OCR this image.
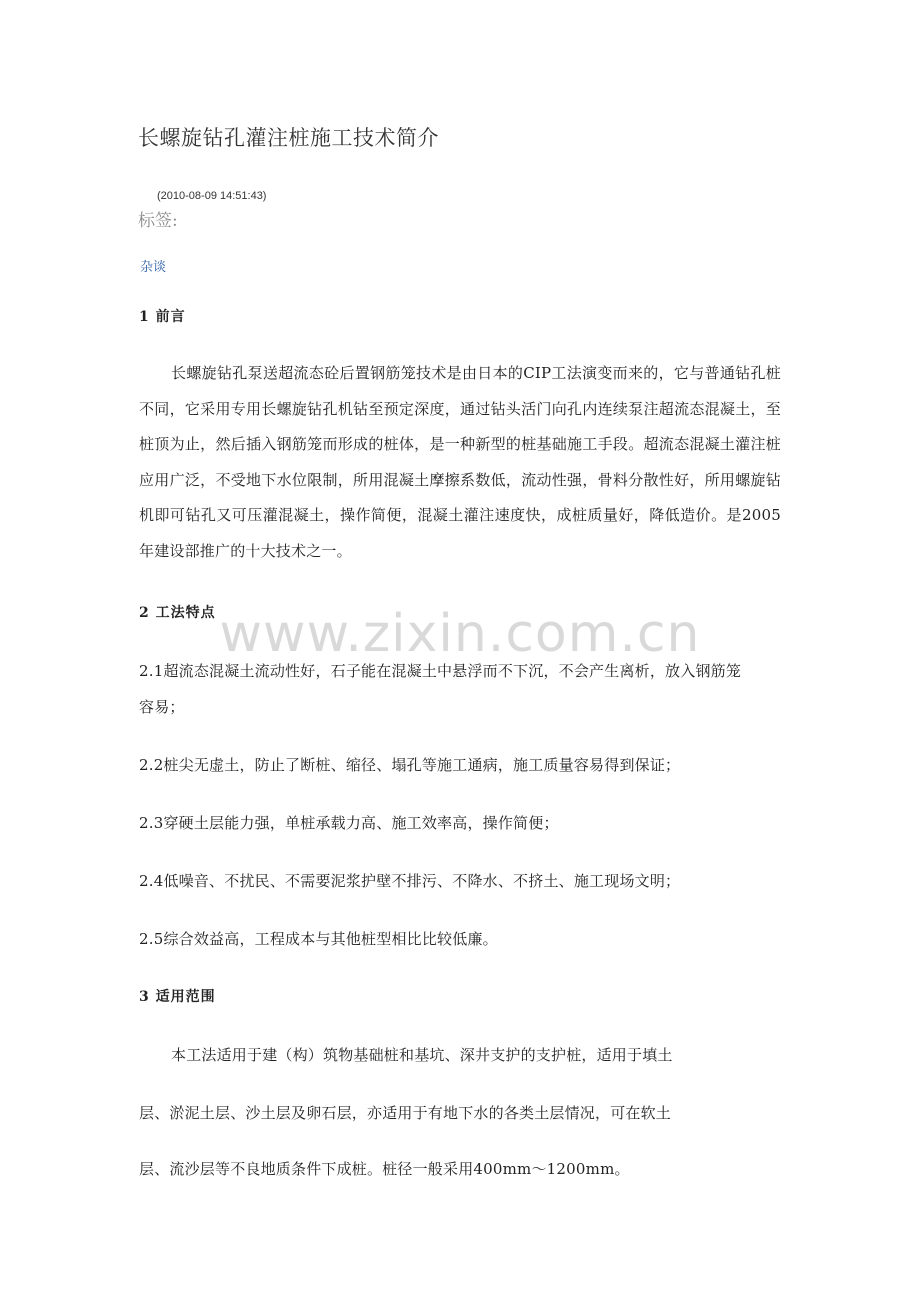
长螺旋钻孔灌注桩施工技术简介
(2010-08-09 14:51:43)
标签:
杂谈
1 前言
长螺旋钻孔泵送超流态砼后置钢筋笼技术是由日本的CIP工法演变而来的，它与普通钻孔桩不同，它采用专用长螺旋钻孔机钻至预定深度，通过钻头活门向孔内连续泵注超流态混凝土，至桩顶为止，然后插入钢筋笼而形成的桩体，是一种新型的桩基础施工手段。超流态混凝土灌注桩应用广泛，不受地下水位限制，所用混凝土摩擦系数低，流动性强，骨料分散性好，所用螺旋钻机即可钻孔又可压灌混凝土，操作简便，混凝土灌注速度快，成桩质量好，降低造价。是2005年建设部推广的十大技术之一。
2 工法特点
2.1超流态混凝土流动性好，石子能在混凝土中悬浮而不下沉，不会产生离析，放入钢筋笼
容易；
2.2桩尖无虚土，防止了断桩、缩径、塌孔等施工通病，施工质量容易得到保证；
2.3穿硬土层能力强，单桩承载力高、施工效率高，操作简便；
2.4低噪音、不扰民、不需要泥浆护壁不排污、不降水、不挤土、施工现场文明；
2.5综合效益高，工程成本与其他桩型相比比较低廉。
3 适用范围
本工法适用于建（构）筑物基础桩和基坑、深井支护的支护桩，适用于填土
层、淤泥土层、沙土层及卵石层，亦适用于有地下水的各类土层情况，可在软土
层、流沙层等不良地质条件下成桩。桩径一般采用400mm～1200mm。
www.zixin.com.cn
